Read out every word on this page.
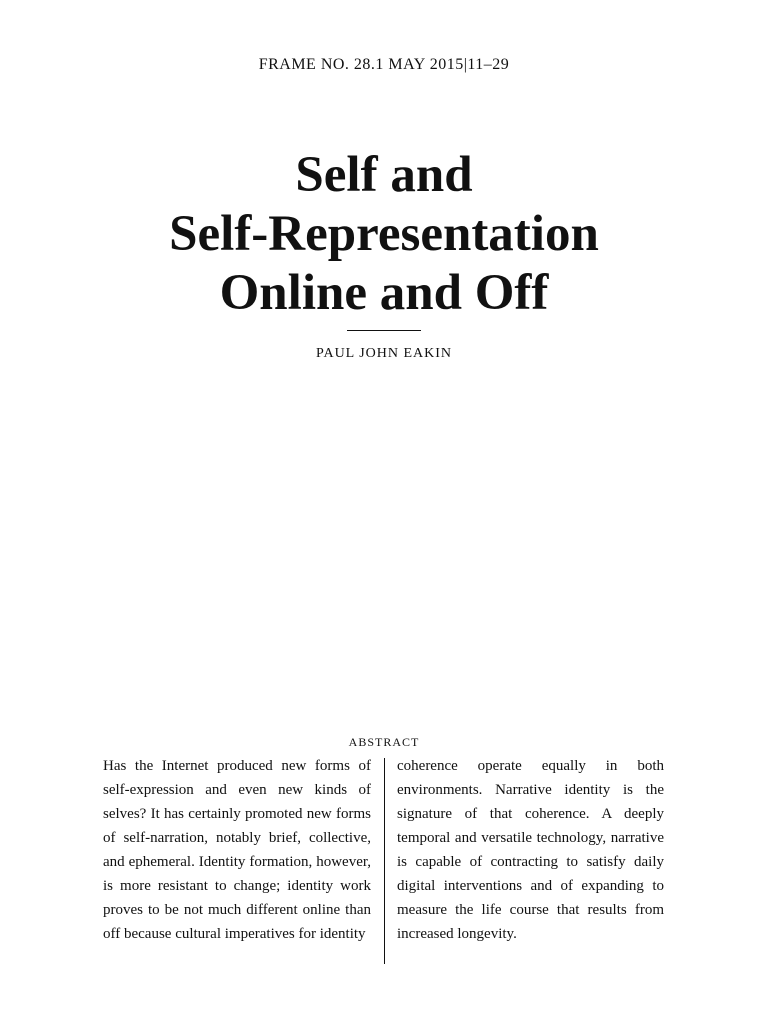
FRAME NO. 28.1 MAY 2015|11–29
Self and
Self-Representation
Online and Off
PAUL JOHN EAKIN
ABSTRACT

Has the Internet produced new forms of self-expression and even new kinds of selves? It has certainly promoted new forms of self-narration, notably brief, collective, and ephemeral. Identity formation, however, is more resistant to change; identity work proves to be not much different online than off because cultural imperatives for identity

coherence operate equally in both environments. Narrative identity is the signature of that coherence. A deeply temporal and versatile technology, narrative is capable of contracting to satisfy daily digital interventions and of expanding to measure the life course that results from increased longevity.
